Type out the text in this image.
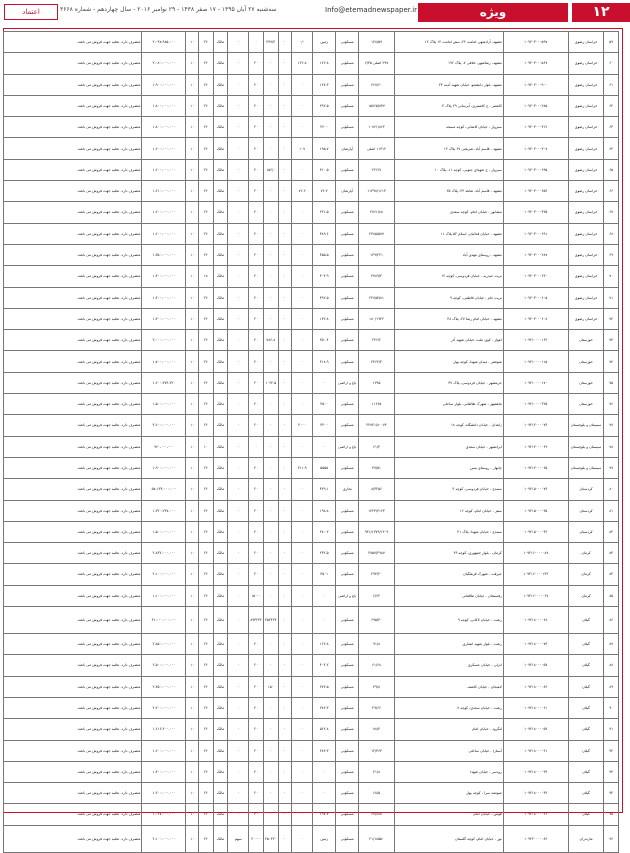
۱۲
ویژه
Info@etemadnewspaper.ir
سه‌شنبه ۲۷ آبان ۱۳۹۵ - ۱۷ صفر ۱۴۳۸ - ۲۹ نوامبر ۲۰۱۶ - سال چهاردهم - شماره ۳۶۶۸
اعتماد
۵۹	خراسان رضوی	۱۰۹۲۰۳۰۰۰۵۹۷	مشهد- آزادشهر، امامت ۲۲، نبش امامت ۱۲ پلاک ۱۲	۱۲۸/۵۹	مسکونی	زمین	۰/۰	۰	۲۳۷/۴	۰	۰	مالک	۲۶	۱۰	۲،۰۹۷،۹۸۵،۰۰۰	متصرف دارد. تخلیه جهت فروش می باشد.
۶۰	خراسان رضوی	۱۰۹۲۰۳۰۰۰۵۶۷	مشهد- رضاشهر، خلافی ۷، پلاک ۱۹۶	۲۹۷ اصلی ۶/۳۵	مسکونی	۱۲۶.۸	۱۲۶.۸	۰	۰	۲۰	۰	مالک	۲۶	۱۰	۲،۰۸۰،۰۰۰،۰۰۰	متصرف دارد. تخلیه جهت فروش می باشد.
۶۱	خراسان رضوی	۱۰۹۲۰۳۰۰۰۹۰۰	مشهد- بلوار دانشجو، خیابان شهید آدینه ۲۳	۲۶۷/۶۰	مسکونی	۱۲۷.۳	۰	۰	۰	۲۰	۰	مالک	۲۶	۱۰	۱،۹۰۰،۰۰۰،۰۰۰	متصرف دارد. تخلیه جهت فروش می باشد.
۶۲	خراسان رضوی	۱۰۹۲۰۳۰۰۰۲۸۵	کاشمر - خ کاشمری، آبرسانی ۲۹ پلاک ۳	۱۵۷۶۵/۷۳۷	مسکونی	۲۹۲.۵	۰	۰	۰	۲۰	۰	مالک	۲۶	۱۰	۱،۸۰۰،۰۰۰،۰۰۰	متصرف دارد. تخلیه جهت فروش می باشد.
۶۳	خراسان رضوی	۱۰۹۲۰۳۰۰۰۳۱۲	سبزوار - خیابان کاشانی، کوچه مسجد	۱۰۷۶۱/۸۶۲	مسکونی	۲۲۰۰	۰	۰	۰	۲۰	۰	مالک	۲۶	۱۰	۱،۸۰۰،۰۰۰،۰۰۰	متصرف دارد. تخلیه جهت فروش می باشد.
۶۴	خراسان رضوی	۱۰۹۲۰۳۰۰۰۳۰۷	مشهد - قاسم آباد، شریعتی ۶۷ پلاک ۱۲	۱۱۳۱۲ اصلی	آپارتمان	۱۹۵.۷	۱۰۷	۰	۰	۲۰	۰	مالک	۲۶	۱۰	۱،۶۰۰،۰۰۰،۰۰۰	متصرف دارد. تخلیه جهت فروش می باشد.
۶۵	خراسان رضوی	۱۰۹۲۰۳۰۰۰۶۹۵	سبزوار - خ شهدای جنوبی، کوچه ۱۱، پلاک ۱۰	۲۲۶/۹	مسکونی	۳۱۰.۵	۰	۰	۱۵۶/۰	۲۰	۰	مالک	۲۶	۱۰	۱،۶۰۰،۰۰۰،۰۰۰	متصرف دارد. تخلیه جهت فروش می باشد.
۶۶	خراسان رضوی	۱۰۹۲۰۳۰۰۰۶۵۲	مشهد - قاسم آباد، شاهد ۲۳، پلاک ۲۵	۱۱۳۹۸/۱۶۱۳	آپارتمان	۷۶.۲	۷۶.۲	۰	۰	۲۰	۰	مالک	۲۶	۱۰	۱،۶۱۰،۰۰۰،۰۰۰	متصرف دارد. تخلیه جهت فروش می باشد.
۶۷	خراسان رضوی	۱۰۹۲۰۳۰۰۰۴۳۵	نیشابور - خیابان امام، کوچه سعدی	۴۷۶۱/۸۸	مسکونی	۲۲۱.۵	۰	۰	۰	۲۰	۰	مالک	۲۶	۱۰	۱،۶۰۰،۰۰۰،۰۰۰	متصرف دارد. تخلیه جهت فروش می باشد.
۶۸	خراسان رضوی	۱۰۹۲۰۳۰۰۰۶۹۱	مشهد - خیابان فدائیان، اسلام ۵۲ پلاک ۱۱	۲۳۸۵/۵۷۷	مسکونی	۳۸۹.۶	۰	۰	۰	۲۰	۰	مالک	۲۶	۱۰	۱،۶۰۰،۰۰۰،۰۰۰	متصرف دارد. تخلیه جهت فروش می باشد.
۶۹	خراسان رضوی	۱۰۹۲۰۳۰۰۰۲۸۷	مشهد - روستای مهدی آباد	۱۳۹/۲۲۱	مسکونی	۴۵۵.۵	۰	۰	۰	۲۰	۰	مالک	۲۶	۱۰	۱،۴۵۰،۰۰۰،۰۰۰	متصرف دارد. تخلیه جهت فروش می باشد.
۷۰	خراسان رضوی	۱۰۹۲۰۳۰۰۰۶۳۰	تربت حیدریه - خیابان فردوسی، کوچه ۱۲	۳۷۸۹/۴	مسکونی	۴۰۴.۹	۰	۰	۰	۲۰	۰	مالک	۱۸	۱۰	۱،۴۰۰،۰۰۰،۰۰۰	متصرف دارد. تخلیه جهت فروش می باشد.
۷۱	خراسان رضوی	۱۰۹۲۰۳۰۰۰۶۰۵	تربت جام - خیابان فاطمی، کوچه ۹	۲۲۷/۵۹۸۱	مسکونی	۳۹۲.۵	۰	۰	۰	۲۰	۰	مالک	۲۶	۱۰	۱،۴۰۰،۰۰۰،۰۰۰	متصرف دارد. تخلیه جهت فروش می باشد.
۷۲	خراسان رضوی	۱۰۹۲۰۳۰۰۰۶۰۸	مشهد - خیابان امام رضا ۲۷، پلاک ۴۸	۱۸۰/۱۹۴۲	مسکونی	۱۳۲.۸	۰	۰	۰	۲۰	۰	مالک	۲۶	۱۰	۱،۳۰۰،۰۰۰،۰۰۰	متصرف دارد. تخلیه جهت فروش می باشد.
۷۳	خوزستان	۱۰۹۲۱۰۰۰۰۱۶۲	اهواز - کوی ملت، خیابان شهید آذر	۲۴۶/۲	مسکونی	۲۵۰.۴	۰	۰	۷۸۶.۸	۲۰	۰	مالک	۲۶	۱۰	۲،۰۰۰،۰۰۰،۰۰۰	متصرف دارد. تخلیه جهت فروش می باشد.
۷۴	خوزستان	۱۰۹۲۱۰۰۰۰۱۱۵	شوشتر - میدان شهدا، کوچه بهار	۴۴۶۲/۳	مسکونی	۳۱۸.۹	۰	۰	۰	۲۰	۰	مالک	۲۶	۱۰	۱،۷۰۰،۰۰۰،۰۰۰	متصرف دارد. تخلیه جهت فروش می باشد.
۷۵	خوزستان	۱۰۹۲۱۰۰۰۰۱۷۰	خرمشهر - خیابان فردوسی، پلاک ۳۷	۱۲۹۵	باغ و اراضی	۰	۰	۰	۱۰۶۲.۵	۲۰	۰	مالک	۲۶	۱۰	۱،۶۰۰،۳۷۴،۲۲۰	متصرف دارد. تخلیه جهت فروش می باشد.
۷۶	خوزستان	۱۰۹۲۱۰۰۰۰۲۲۵	ماهشهر - شهرک طالقانی، بلوار ساحلی	۱۱۶۶۵	مسکونی	۳۵۰۰	۰	۰	۰	۲۰	۰	مالک	۲۶	۱۰	۱،۵۰۰،۰۰۰،۰۰۰	متصرف دارد. تخلیه جهت فروش می باشد.
۷۷	سیستان و بلوچستان	۱۰۹۲۱۴۰۰۰۰۷۴	زاهدان - خیابان دانشگاه، کوچه ۱۸	۲۲۷۲۱/۸۰۰۷۴	مسکونی	۳۴۰۰	۴۰۰۰	۰	۰	۲۰	۰	مالک	۲۶	۱۰	۳،۶۰۰،۰۰۰،۰۰۰	متصرف دارد. تخلیه جهت فروش می باشد.
۷۸	سیستان و بلوچستان	۱۰۹۲۱۴۰۰۰۰۶۹	ایرانشهر - خیابان سعدی	۶۱/۴	باغ و اراضی	۰	۰	۰	۰	۰	۰	مالک	۱۰	۱۰	۹۶۰،۰۰۰،۰۰۰	متصرف دارد. تخلیه جهت فروش می باشد.
۷۹	سیستان و بلوچستان	۱۰۹۲۱۴۰۰۰۰۶۵	چابهار - روستای تیس	۳۷/۵۱	مسکونی	۵۵۵۵	۳۱۱.۹	۰	۰	۲۰	۰	مالک	۲۶	۱۰	۱،۹۰۰،۰۰۰،۰۰۰	متصرف دارد. تخلیه جهت فروش می باشد.
۸۰	کردستان	۱۰۹۲۱۵۰۰۰۰۷۳	سنندج - خیابان فردوسی، کوچه ۴	۸/۳۲۵۶	تجاری	۴۴۹.۱	۰	۰	۰	۲۰	۰	مالک	۲۶	۱۰	۵۷،۱۳۴،۰۰۰،۰۰۰	متصرف دارد. تخلیه جهت فروش می باشد.
۸۱	کردستان	۱۰۹۲۱۵۰۰۰۰۴۵	سقز - خیابان امام، کوچه ۱۶	۱۲۴۳/۳۱۲۳	مسکونی	۱۹۸.۸	۰	۰	۰	۲۰	۰	مالک	۲۶	۱۰	۱،۳۲۰،۲۳۷،۰۰۰	متصرف دارد. تخلیه جهت فروش می باشد.
۸۲	کردستان	۱۰۹۲۱۵۰۰۰۰۴۲	سنندج - خیابان شهدا، پلاک ۲۱	۹۳۱/۱۲۷۹/۱۳۰۹	مسکونی	۲۸۰.۲	۰	۰	۰	۲۰	۰	مالک	۲۶	۱۰	۱،۵۰۰،۰۰۰،۰۰۰	متصرف دارد. تخلیه جهت فروش می باشد.
۸۳	کرمان	۱۰۹۲۱۶۰۰۰۰۰۸۷	کرمان - بلوار جمهوری، کوچه ۲۹	۲۷۵۷/۲۹۸۷	مسکونی	۲۳۲.۵	۰	۰	۰	۲۰	۰	مالک	۲۶	۱۰	۲،۸۳۲،۰۰۰،۰۰۰	متصرف دارد. تخلیه جهت فروش می باشد.
۸۴	کرمان	۱۰۹۲۱۶۰۰۰۰۱۳۲	جیرفت - شهرک فرهنگیان	۲۹۳/۲۰	مسکونی	۳۵۰۱	۰	۰	۰	۲۰	۰	مالک	۲۶	۱۰	۲،۱۰۰،۰۰۰،۰۰۰	متصرف دارد. تخلیه جهت فروش می باشد.
۸۵	کرمان	۱۰۹۲۱۶۰۰۰۰۰۶۷	رفسنجان - خیابان طالقانی	۶/۶۲	باغ و اراضی	۰	۰	۰	۰	۱۵۰۰۰	۰	مالک	۲۶	۱۰	۱،۱۰۰،۰۰۰،۰۰۰	متصرف دارد. تخلیه جهت فروش می باشد.
۸۶	گیلان	۱۰۹۲۱۸۰۰۰۰۶۸	رشت - خیابان لاکانی، کوچه ۹	۶۹۵/۳۰	مسکونی	۰	۰	۰	۴۵۲۴۲۴	۸۹۳۲۳۲	۰	مالک	۲۶	۱۰	۳۱،۰۰۰،۰۰۰،۰۰۰	متصرف دارد. تخلیه جهت فروش می باشد.
۸۷	گیلان	۱۰۹۲۱۸۰۰۰۰۷۳	رشت - بلوار شهید انصاری	۹۱/۸	مسکونی	۱۶۲.۸	۰	۰	۰	۲۰	۰	مالک	۲۶	۱۰	۲،۸۵۰،۰۰۰،۰۰۰	متصرف دارد. تخلیه جهت فروش می باشد.
۸۸	گیلان	۱۰۹۲۱۸۰۰۰۰۵۷	انزلی - خیابان عسکری	۶۱/۶۸	مسکونی	۴۰۴.۲	۰	۰	۰	۲۰	۰	مالک	۲۶	۱۰	۲،۵۰۰،۰۰۰،۰۰۰	متصرف دارد. تخلیه جهت فروش می باشد.
۸۹	گیلان	۱۰۹۲۱۸۰۰۰۰۸۲	لاهیجان - خیابان کاشف	۳۹/۸	مسکونی	۲۷۳.۵	۰	۰	۱۵۰	۲۰	۰	مالک	۲۶	۱۰	۲،۴۵۰،۰۰۰،۰۰۰	متصرف دارد. تخلیه جهت فروش می باشد.
۹۰	گیلان	۱۰۹۲۱۸۰۰۰۰۶۱	رشت - خیابان سعدی، کوچه ۷	۲۹/۶۶	مسکونی	۲۸۳.۳	۰	۰	۰	۲۰	۰	مالک	۲۶	۱۰	۲،۲۰۰،۰۰۰،۰۰۰	متصرف دارد. تخلیه جهت فروش می باشد.
۹۱	گیلان	۱۰۹۲۱۸۰۰۰۰۵۹	لنگرود - خیابان امام	۷۸/۴	مسکونی	۵۶۲.۸	۰	۰	۰	۲۰	۰	مالک	۲۶	۱۰	۱،۶۱۶،۴۰۰،۰۰۰	متصرف دارد. تخلیه جهت فروش می باشد.
۹۲	گیلان	۱۰۹۲۱۸۰۰۰۰۴۱	آستارا - خیابان ساحلی	۱۲/۳۶۴	مسکونی	۲۸۳.۳	۰	۰	۰	۲۰	۰	مالک	۲۶	۱۰	۱،۶۰۰،۰۰۰،۰۰۰	متصرف دارد. تخلیه جهت فروش می باشد.
۹۳	گیلان	۱۰۹۲۱۸۰۰۰۰۳۹	رودسر - خیابان شهدا	۲۱/۸	مسکونی	۰	۰	۰	۰	۲۰	۰	مالک	۲۶	۱۰	۱،۴۰۰،۰۰۰،۰۰۰	متصرف دارد. تخلیه جهت فروش می باشد.
۹۴	گیلان	۱۰۹۲۱۸۰۰۰۰۴۴	صومعه سرا - کوچه بهار	۶۸/۵	مسکونی	۰	۰	۰	۰	۲۰	۰	مالک	۲۶	۱۰	۱،۲۰۰،۰۰۰،۰۰۰	متصرف دارد. تخلیه جهت فروش می باشد.
۹۵	گیلان	۱۰۹۲۱۸۰۰۰۰۲۶	فومن - خیابان امام	۶۷/۸۸۸	مسکونی	۱۹۷.۷	۰	۰	۰	۲۰	۰	مالک	۲۶	۱۰	۱،۰۶۷،۰۰۰،۰۰۰	متصرف دارد. تخلیه جهت فروش می باشد.
۹۶	مازندران	۱۰۹۲۲۰۰۰۰۰۸۲	نور - خیابان امام، کوچه گلستان	۲۱/۱۸۵۵۰	مسکونی	زمین	۰	۰	۲۵۰۳۲۰	۲۰۰۰۰	سهم	مالک	۲۶	۱۰	۲،۱۰۰،۰۰۰،۰۰۰	متصرف دارد. تخلیه جهت فروش می باشد.
